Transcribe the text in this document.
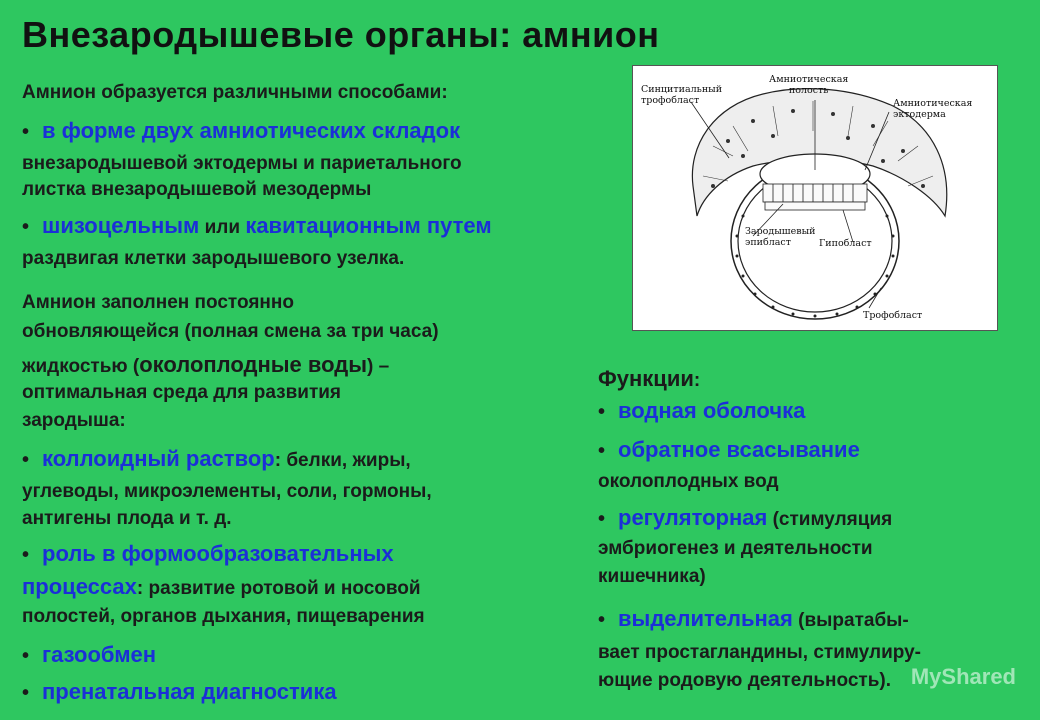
Внезародышевые органы: амнион
Амнион образуется различными способами:
• в форме двух амниотических складок
внезародышевой эктодермы и париетального
листка внезародышевой мезодермы
• шизоцельным или кавитационным путем
раздвигая клетки зародышевого узелка.
Амнион заполнен постоянно
обновляющейся (полная смена за три часа)
жидкостью (околоплодные воды) –
оптимальная среда для развития
зародыша:
• коллоидный раствор: белки, жиры,
углеводы, микроэлементы, соли, гормоны,
антигены плода и т. д.
• роль в формообразовательных
процессах: развитие ротовой и носовой
полостей, органов дыхания, пищеварения
• газообмен
• пренатальная диагностика
Синцитиальный
трофобласт
Амниотическая
полость
Амниотическая
эктодерма
Зародышевый
эпибласт	Гипобласт
Трофобласт
Функции:
• водная оболочка
• обратное всасывание
околоплодных вод
• регуляторная (стимуляция
эмбриогенез и деятельности
кишечника)
• выделительная (выратабы-
вает простагландины, стимулиру-
ющие родовую деятельность). MyShared
